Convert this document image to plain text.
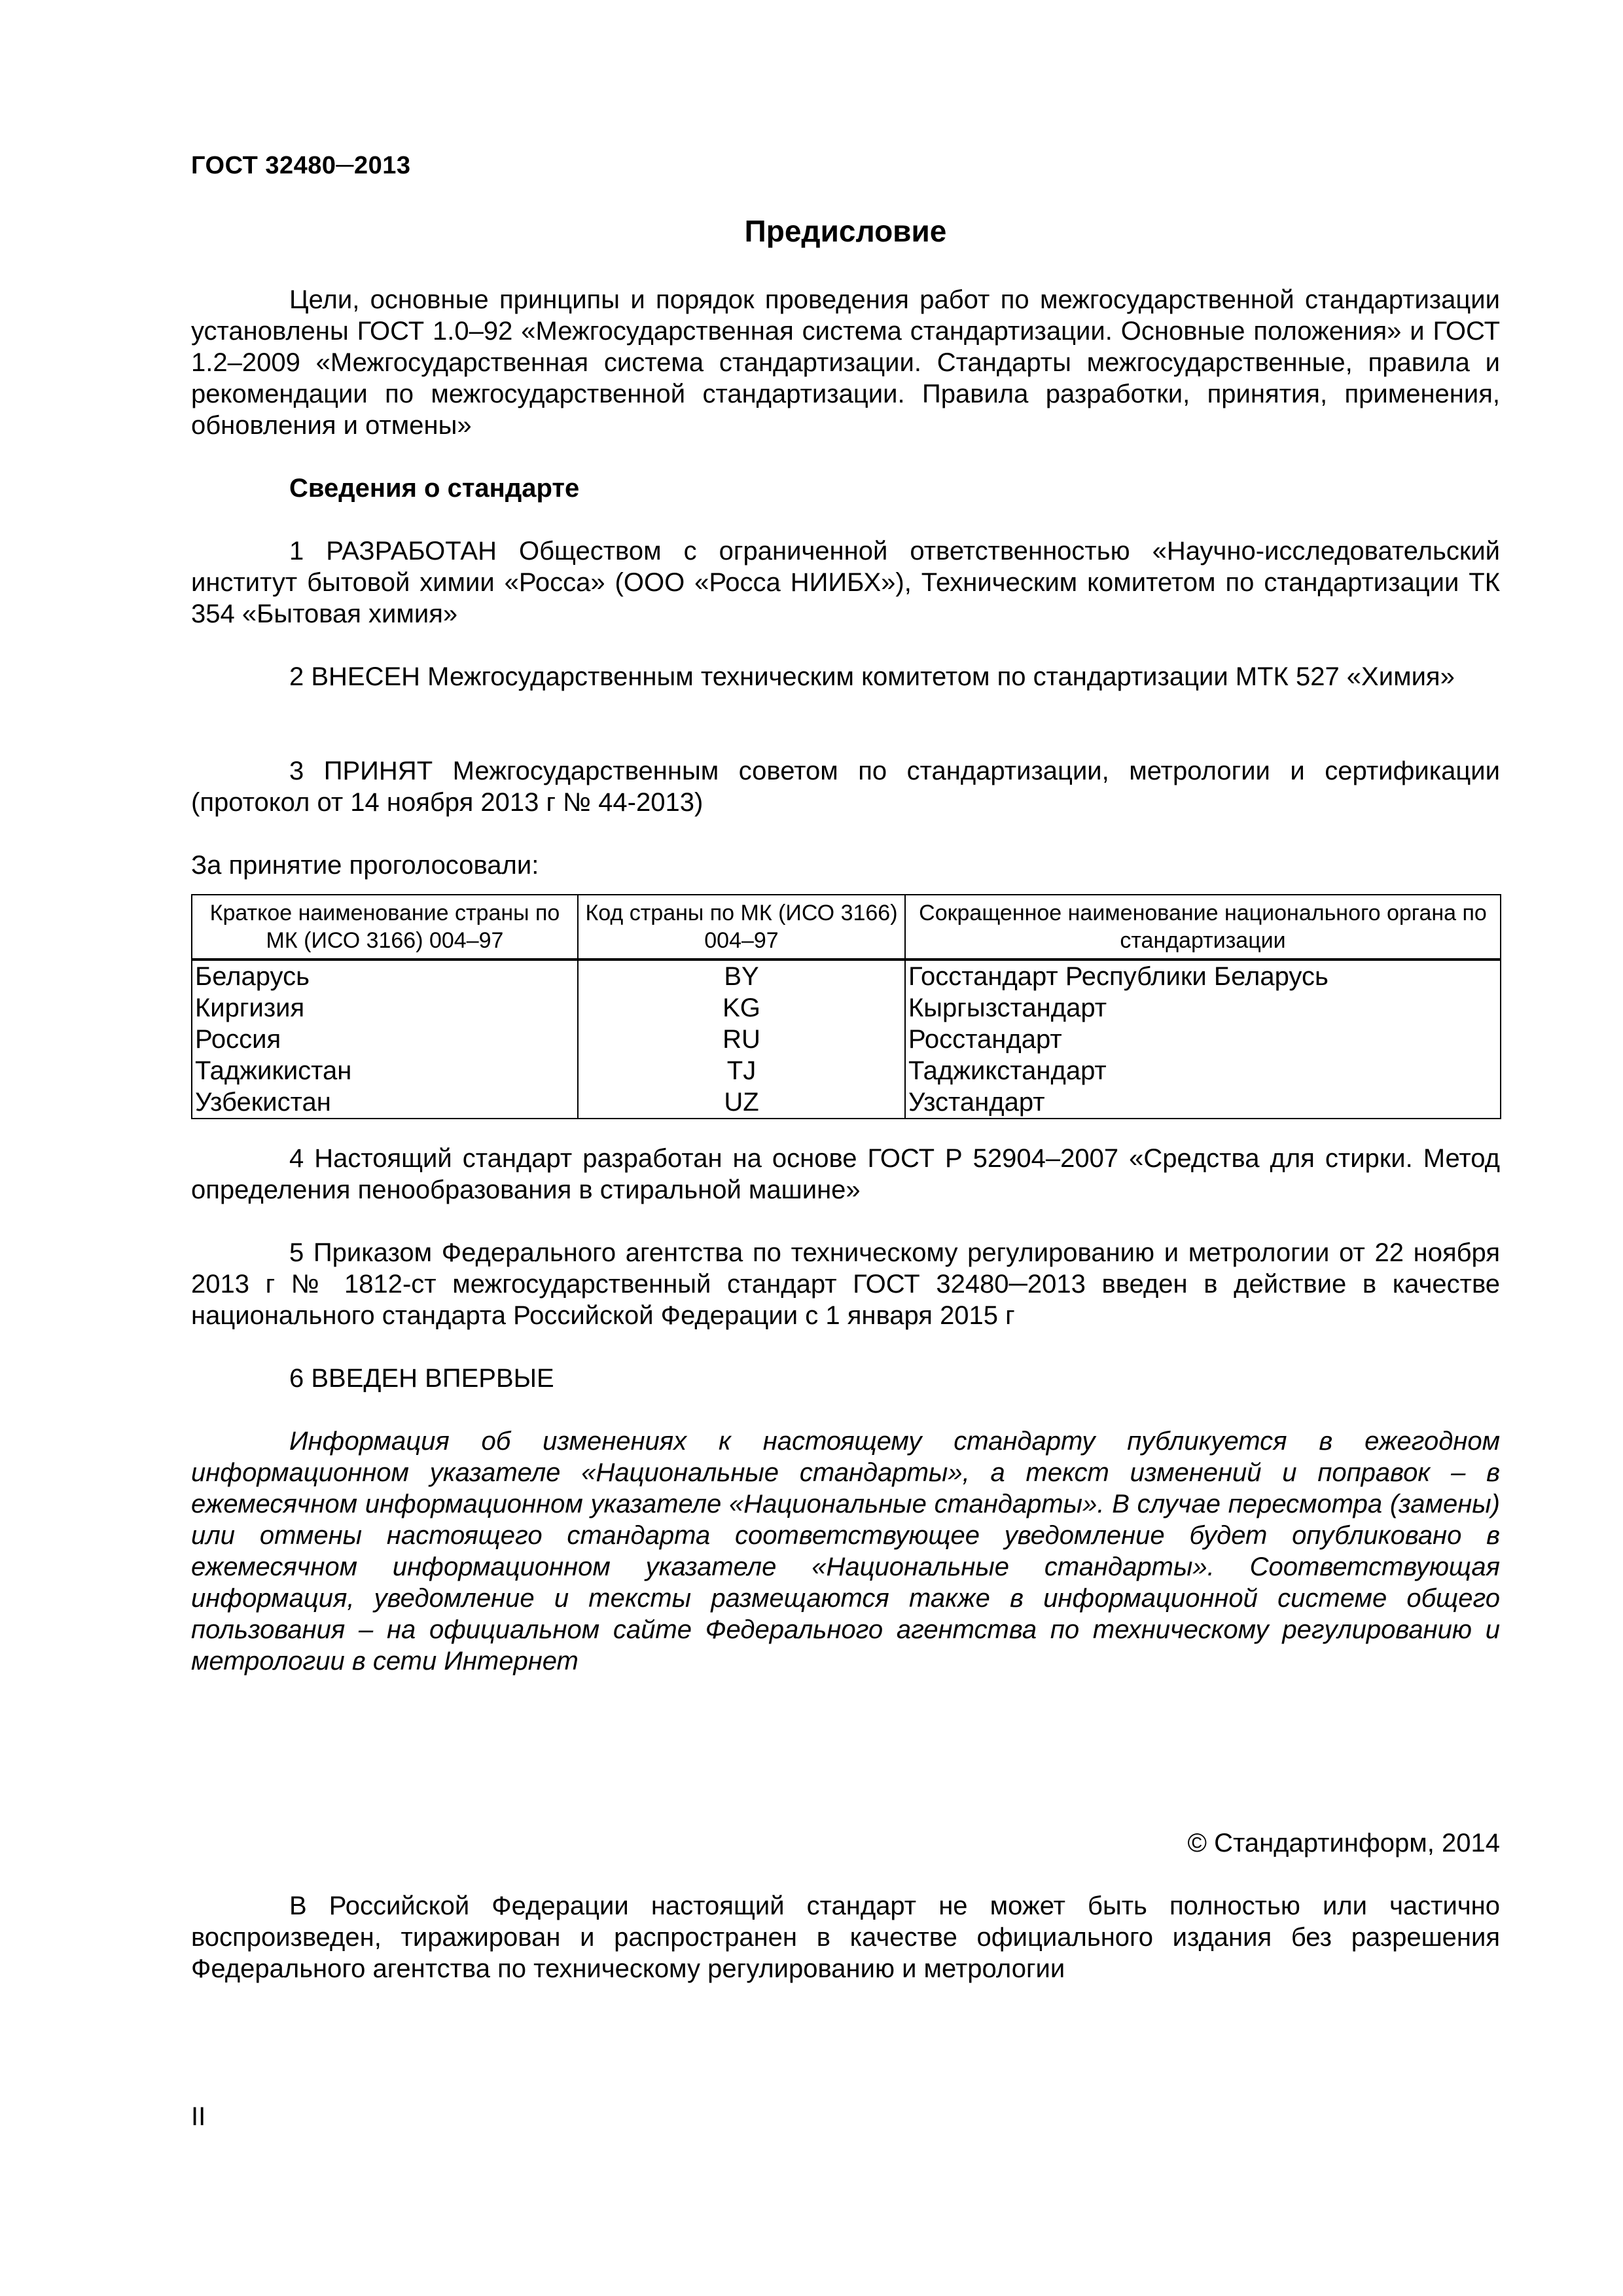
ГОСТ 32480─2013
Предисловие
Цели, основные принципы и порядок проведения работ по межгосударственной стандартизации установлены ГОСТ 1.0–92 «Межгосударственная система стандартизации. Основные положения» и ГОСТ 1.2–2009 «Межгосударственная система стандартизации. Стандарты межгосударственные, правила и рекомендации по межгосударственной стандартизации. Правила разработки, принятия, применения, обновления и отмены»
Сведения о стандарте
1 РАЗРАБОТАН Обществом с ограниченной ответственностью «Научно-исследовательский институт бытовой химии «Росса» (ООО «Росса НИИБХ»), Техническим комитетом по стандартизации ТК 354 «Бытовая химия»
2 ВНЕСЕН Межгосударственным техническим комитетом по стандартизации МТК 527 «Химия»
3 ПРИНЯТ Межгосударственным советом по стандартизации, метрологии и сертификации (протокол от 14 ноября 2013 г № 44-2013)
За принятие проголосовали:
Краткое наименование страны по МК (ИСО 3166) 004–97	Код страны по МК (ИСО 3166) 004–97	Сокращенное наименование национального органа по стандартизации
Беларусь	BY	Госстандарт Республики Беларусь
Киргизия	KG	Кыргызстандарт
Россия	RU	Росстандарт
Таджикистан	TJ	Таджикстандарт
Узбекистан	UZ	Узстандарт
4 Настоящий стандарт разработан на основе ГОСТ Р 52904–2007 «Средства для стирки. Метод определения пенообразования в стиральной машине»
5 Приказом Федерального агентства по техническому регулированию и метрологии от 22 ноября 2013 г № 1812-ст межгосударственный стандарт ГОСТ 32480─2013 введен в действие в качестве национального стандарта Российской Федерации с 1 января 2015 г
6 ВВЕДЕН ВПЕРВЫЕ
Информация об изменениях к настоящему стандарту публикуется в ежегодном информационном указателе «Национальные стандарты», а текст изменений и поправок – в ежемесячном информационном указателе «Национальные стандарты». В случае пересмотра (замены) или отмены настоящего стандарта соответствующее уведомление будет опубликовано в ежемесячном информационном указателе «Национальные стандарты». Соответствующая информация, уведомление и тексты размещаются также в информационной системе общего пользования – на официальном сайте Федерального агентства по техническому регулированию и метрологии в сети Интернет
© Стандартинформ, 2014
В Российской Федерации настоящий стандарт не может быть полностью или частично воспроизведен, тиражирован и распространен в качестве официального издания без разрешения Федерального агентства по техническому регулированию и метрологии
II
